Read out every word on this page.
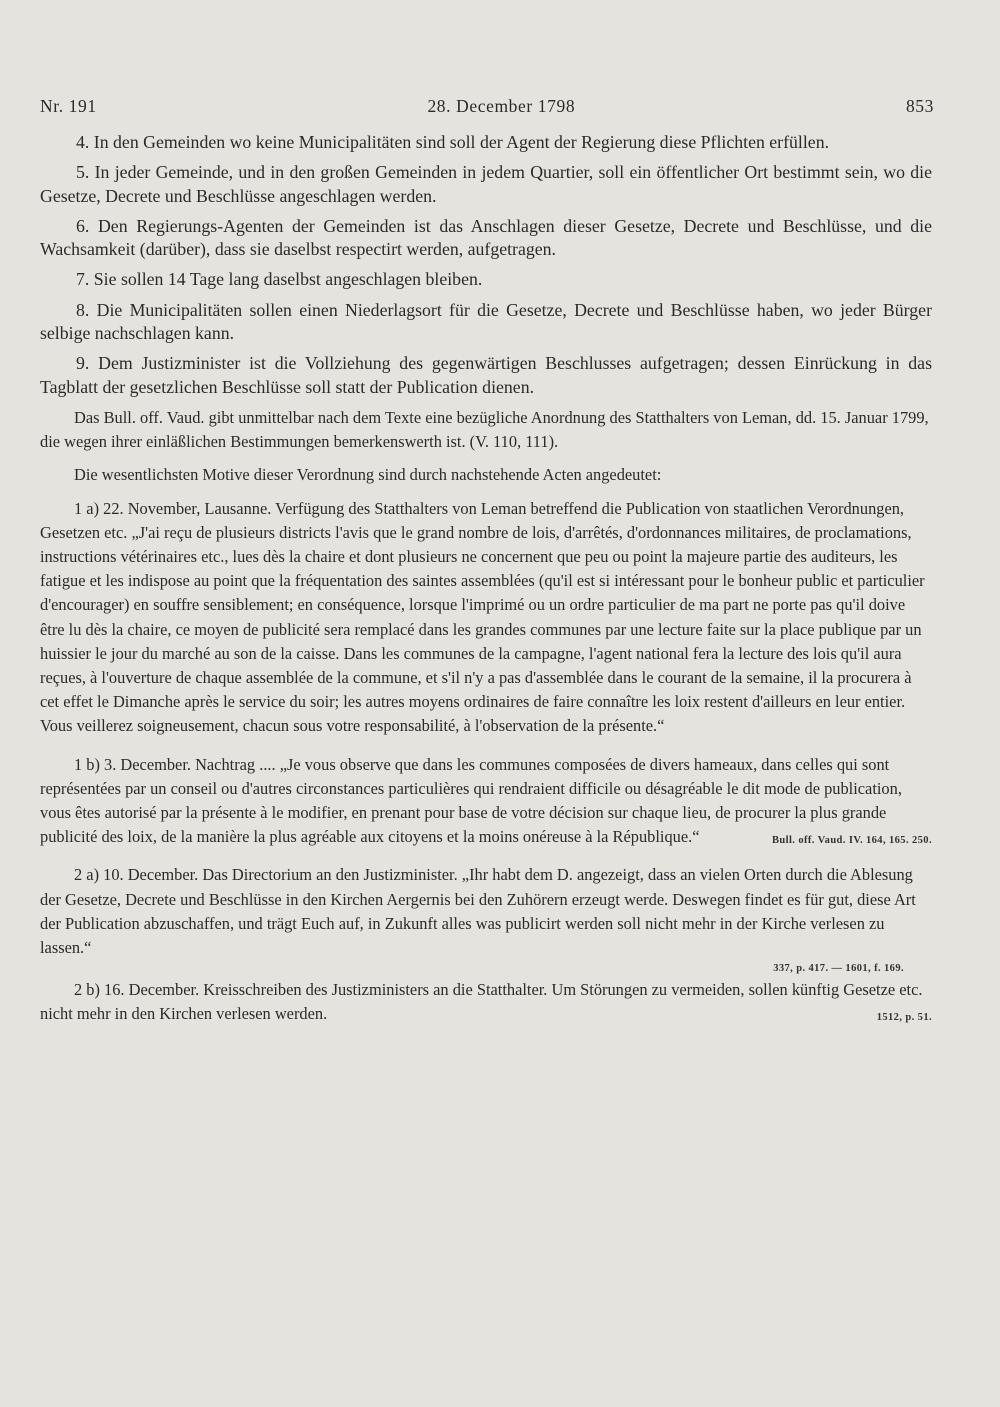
Nr. 191	28. December 1798	853

4. In den Gemeinden wo keine Municipalitäten sind soll der Agent der Regierung diese Pflichten erfüllen.

5. In jeder Gemeinde, und in den großen Gemeinden in jedem Quartier, soll ein öffentlicher Ort bestimmt sein, wo die Gesetze, Decrete und Beschlüsse angeschlagen werden.

6. Den Regierungs-Agenten der Gemeinden ist das Anschlagen dieser Gesetze, Decrete und Beschlüsse, und die Wachsamkeit (darüber), dass sie daselbst respectirt werden, aufgetragen.

7. Sie sollen 14 Tage lang daselbst angeschlagen bleiben.

8. Die Municipalitäten sollen einen Niederlagsort für die Gesetze, Decrete und Beschlüsse haben, wo jeder Bürger selbige nachschlagen kann.

9. Dem Justizminister ist die Vollziehung des gegenwärtigen Beschlusses aufgetragen; dessen Einrückung in das Tagblatt der gesetzlichen Beschlüsse soll statt der Publication dienen.

Das Bull. off. Vaud. gibt unmittelbar nach dem Texte eine bezügliche Anordnung des Statthalters von Leman, dd. 15. Januar 1799, die wegen ihrer einläßlichen Bestimmungen bemerkenswerth ist. (V. 110, 111).

Die wesentlichsten Motive dieser Verordnung sind durch nachstehende Acten angedeutet:

1 a) 22. November, Lausanne. Verfügung des Statthalters von Leman betreffend die Publication von staatlichen Verordnungen, Gesetzen etc. „J'ai reçu de plusieurs districts l'avis que le grand nombre de lois, d'arrêtés, d'ordonnances militaires, de proclamations, instructions vétérinaires etc., lues dès la chaire et dont plusieurs ne concernent que peu ou point la majeure partie des auditeurs, les fatigue et les indispose au point que la fréquentation des saintes assemblées (qu'il est si intéressant pour le bonheur public et particulier d'encourager) en souffre sensiblement; en conséquence, lorsque l'imprimé ou un ordre particulier de ma part ne porte pas qu'il doive être lu dès la chaire, ce moyen de publicité sera remplacé dans les grandes communes par une lecture faite sur la place publique par un huissier le jour du marché au son de la caisse. Dans les communes de la campagne, l'agent national fera la lecture des lois qu'il aura reçues, à l'ouverture de chaque assemblée de la commune, et s'il n'y a pas d'assemblée dans le courant de la semaine, il la procurera à cet effet le Dimanche après le service du soir; les autres moyens ordinaires de faire connaître les loix restent d'ailleurs en leur entier. Vous veillerez soigneusement, chacun sous votre responsabilité, à l'observation de la présente.“

1 b) 3. December. Nachtrag .... „Je vous observe que dans les communes composées de divers hameaux, dans celles qui sont représentées par un conseil ou d'autres circonstances particulières qui rendraient difficile ou désagréable le dit mode de publication, vous êtes autorisé par la présente à le modifier, en prenant pour base de votre décision sur chaque lieu, de procurer la plus grande publicité des loix, de la manière la plus agréable aux citoyens et la moins onéreuse à la République.“	Bull. off. Vaud. IV. 164, 165. 250.

2 a) 10. December. Das Directorium an den Justizminister. „Ihr habt dem D. angezeigt, dass an vielen Orten durch die Ablesung der Gesetze, Decrete und Beschlüsse in den Kirchen Aergernis bei den Zuhörern erzeugt werde. Deswegen findet es für gut, diese Art der Publication abzuschaffen, und trägt Euch auf, in Zukunft alles was publicirt werden soll nicht mehr in der Kirche verlesen zu lassen.“

337, p. 417. — 1601, f. 169.

2 b) 16. December. Kreisschreiben des Justizministers an die Statthalter. Um Störungen zu vermeiden, sollen künftig Gesetze etc. nicht mehr in den Kirchen verlesen werden.	1512, p. 51.
